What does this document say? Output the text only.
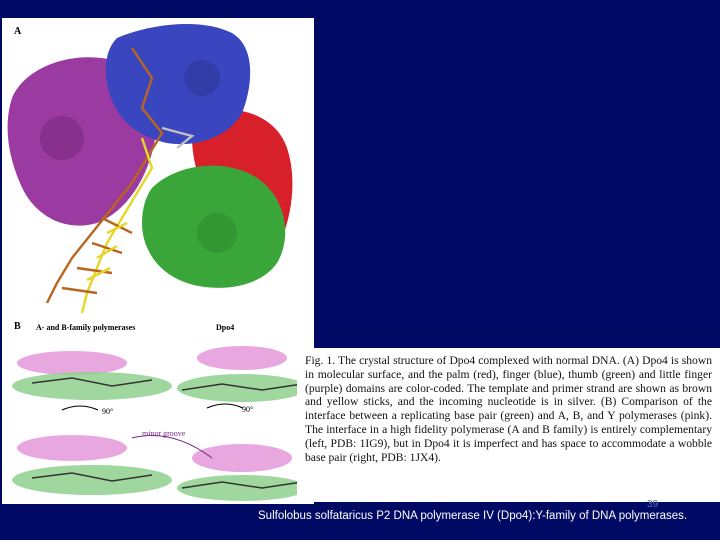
90°	90°
minor groove
A
B A- and B-family polymerases	Dpo4

Fig. 1. The crystal structure of Dpo4 complexed with normal DNA. (A) Dpo4 is shown in molecular surface, and the palm (red), finger (blue), thumb (green) and little finger (purple) domains are color-coded. The template and primer strand are shown as brown and yellow sticks, and the incoming nucleotide is in silver. (B) Comparison of the interface between a replicating base pair (green) and A, B, and Y polymerases (pink). The interface in a high fidelity polymerase (A and B family) is entirely complementary (left, PDB: 1IG9), but in Dpo4 it is imperfect and has space to accommodate a wobble base pair (right, PDB: 1JX4).

39
Sulfolobus solfataricus P2 DNA polymerase IV (Dpo4):Y-family of DNA polymerases.
